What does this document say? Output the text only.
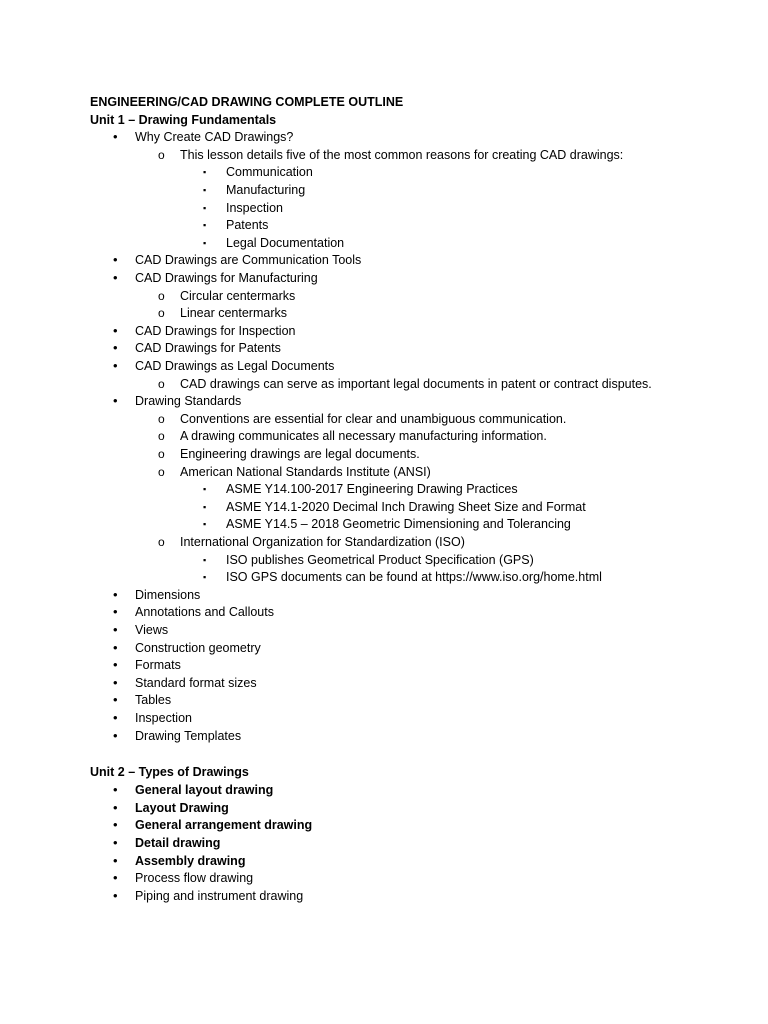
ENGINEERING/CAD DRAWING COMPLETE OUTLINE
Unit 1 – Drawing Fundamentals
• Why Create CAD Drawings?
o This lesson details five of the most common reasons for creating CAD drawings:
▪ Communication
▪ Manufacturing
▪ Inspection
▪ Patents
▪ Legal Documentation
• CAD Drawings are Communication Tools
• CAD Drawings for Manufacturing
o Circular centermarks
o Linear centermarks
• CAD Drawings for Inspection
• CAD Drawings for Patents
• CAD Drawings as Legal Documents
o CAD drawings can serve as important legal documents in patent or contract disputes.
• Drawing Standards
o Conventions are essential for clear and unambiguous communication.
o A drawing communicates all necessary manufacturing information.
o Engineering drawings are legal documents.
o American National Standards Institute (ANSI)
▪ ASME Y14.100-2017 Engineering Drawing Practices
▪ ASME Y14.1-2020 Decimal Inch Drawing Sheet Size and Format
▪ ASME Y14.5 – 2018 Geometric Dimensioning and Tolerancing
o International Organization for Standardization (ISO)
▪ ISO publishes Geometrical Product Specification (GPS)
▪ ISO GPS documents can be found at https://www.iso.org/home.html
• Dimensions
• Annotations and Callouts
• Views
• Construction geometry
• Formats
• Standard format sizes
• Tables
• Inspection
• Drawing Templates
Unit 2 – Types of Drawings
• General layout drawing
• Layout Drawing
• General arrangement drawing
• Detail drawing
• Assembly drawing
• Process flow drawing
• Piping and instrument drawing
